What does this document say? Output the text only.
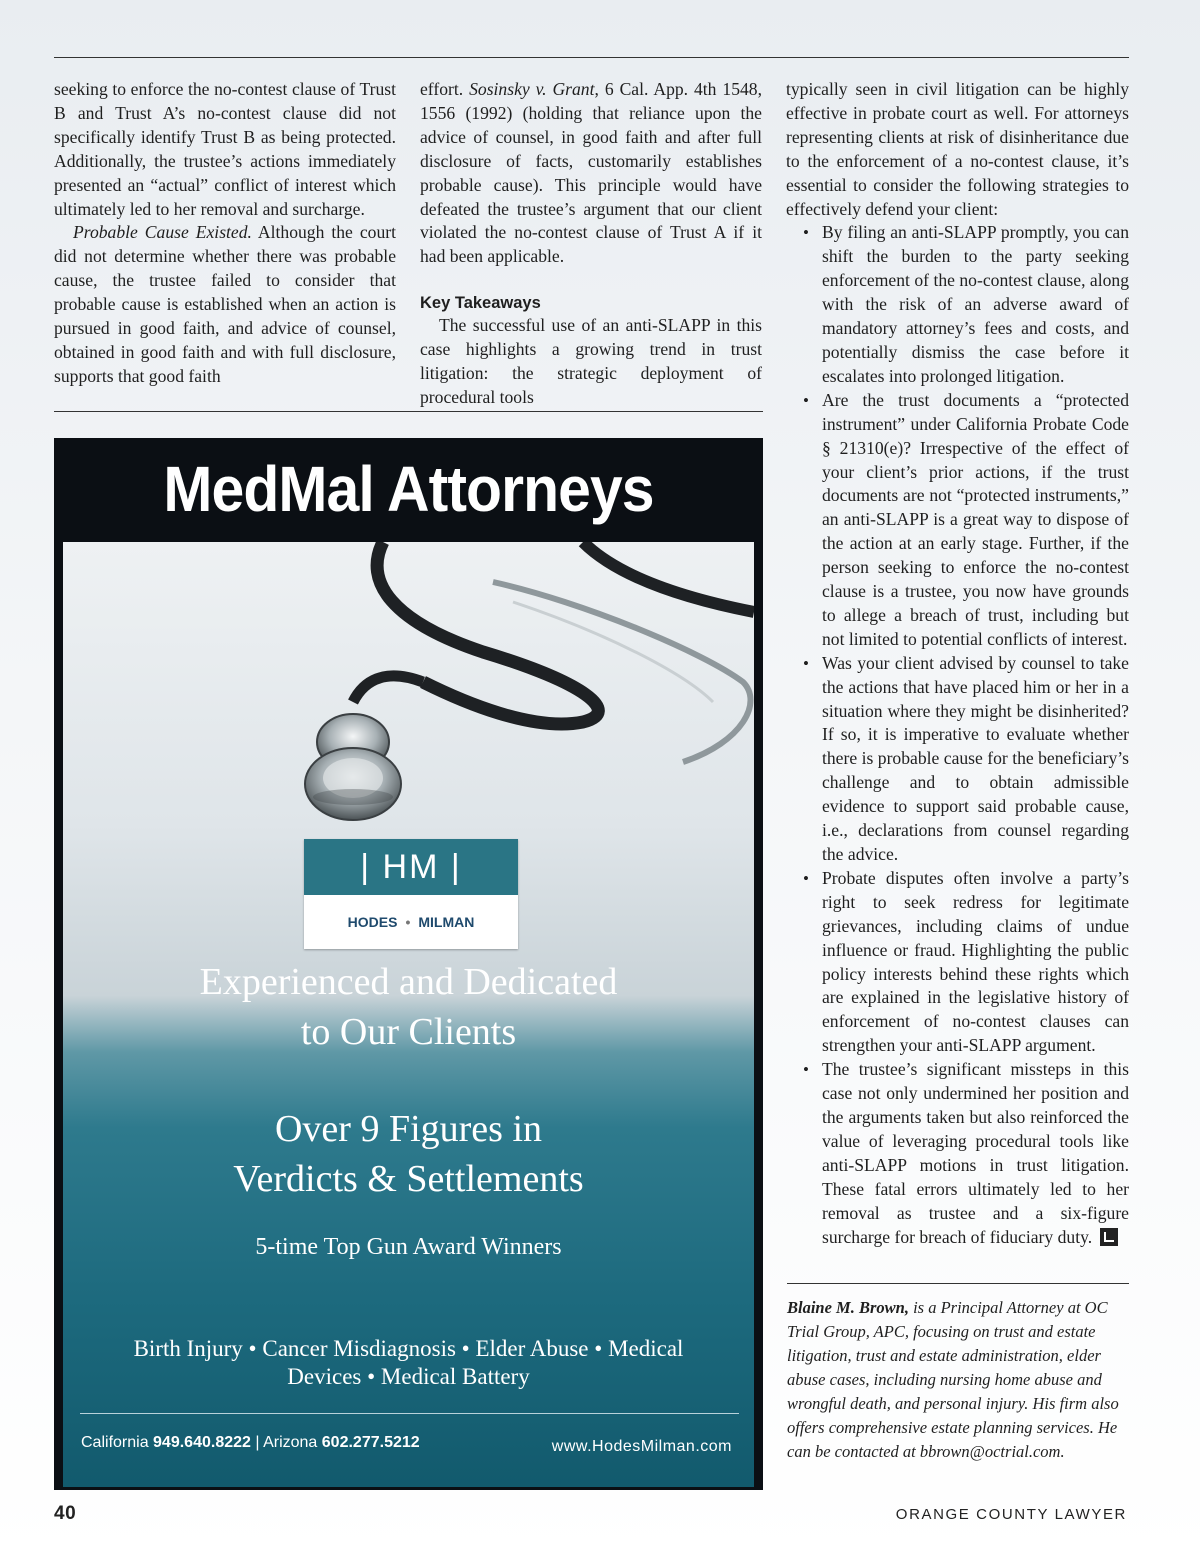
seeking to enforce the no-contest clause of Trust B and Trust A’s no-contest clause did not specifically identify Trust B as being protected. Additionally, the trustee’s actions immediately presented an “actual” conflict of interest which ultimately led to her removal and surcharge.

Probable Cause Existed. Although the court did not determine whether there was probable cause, the trustee failed to consider that probable cause is established when an action is pursued in good faith, and advice of counsel, obtained in good faith and with full disclosure, supports that good faith

effort. Sosinsky v. Grant, 6 Cal. App. 4th 1548, 1556 (1992) (holding that reliance upon the advice of counsel, in good faith and after full disclosure of facts, customarily establishes probable cause). This principle would have defeated the trustee’s argument that our client violated the no-contest clause of Trust A if it had been applicable.

Key Takeaways

The successful use of an anti-SLAPP in this case highlights a growing trend in trust litigation: the strategic deployment of procedural tools

typically seen in civil litigation can be highly effective in probate court as well. For attorneys representing clients at risk of disinheritance due to the enforcement of a no-contest clause, it’s essential to consider the following strategies to effectively defend your client:

• By filing an anti-SLAPP promptly, you can shift the burden to the party seeking enforcement of the no-contest clause, along with the risk of an adverse award of mandatory attorney’s fees and costs, and potentially dismiss the case before it escalates into prolonged litigation.
• Are the trust documents a “protected instrument” under California Probate Code § 21310(e)? Irrespective of the effect of your client’s prior actions, if the trust documents are not “protected instruments,” an anti-SLAPP is a great way to dispose of the action at an early stage. Further, if the person seeking to enforce the no-contest clause is a trustee, you now have grounds to allege a breach of trust, including but not limited to potential conflicts of interest.
• Was your client advised by counsel to take the actions that have placed him or her in a situation where they might be disinherited? If so, it is imperative to evaluate whether there is probable cause for the beneficiary’s challenge and to obtain admissible evidence to support said probable cause, i.e., declarations from counsel regarding the advice.
• Probate disputes often involve a party’s right to seek redress for legitimate grievances, including claims of undue influence or fraud. Highlighting the public policy interests behind these rights which are explained in the legislative history of enforcement of no-contest clauses can strengthen your anti-SLAPP argument.
• The trustee’s significant missteps in this case not only undermined her position and the arguments taken but also reinforced the value of leveraging procedural tools like anti-SLAPP motions in trust litigation. These fatal errors ultimately led to her removal as trustee and a six-figure surcharge for breach of fiduciary duty.
Blaine M. Brown, is a Principal Attorney at OC Trial Group, APC, focusing on trust and estate litigation, trust and estate administration, elder abuse cases, including nursing home abuse and wrongful death, and personal injury. His firm also offers comprehensive estate planning services. He can be contacted at bbrown@octrial.com.
MedMal Attorneys
| HM |
HODES • MILMAN
Experienced and Dedicated
to Our Clients
Over 9 Figures in
Verdicts & Settlements
5-time Top Gun Award Winners
Birth Injury • Cancer Misdiagnosis • Elder Abuse • Medical
Devices • Medical Battery
California 949.640.8222 | Arizona 602.277.5212	www.HodesMilman.com
40	ORANGE COUNTY LAWYER
